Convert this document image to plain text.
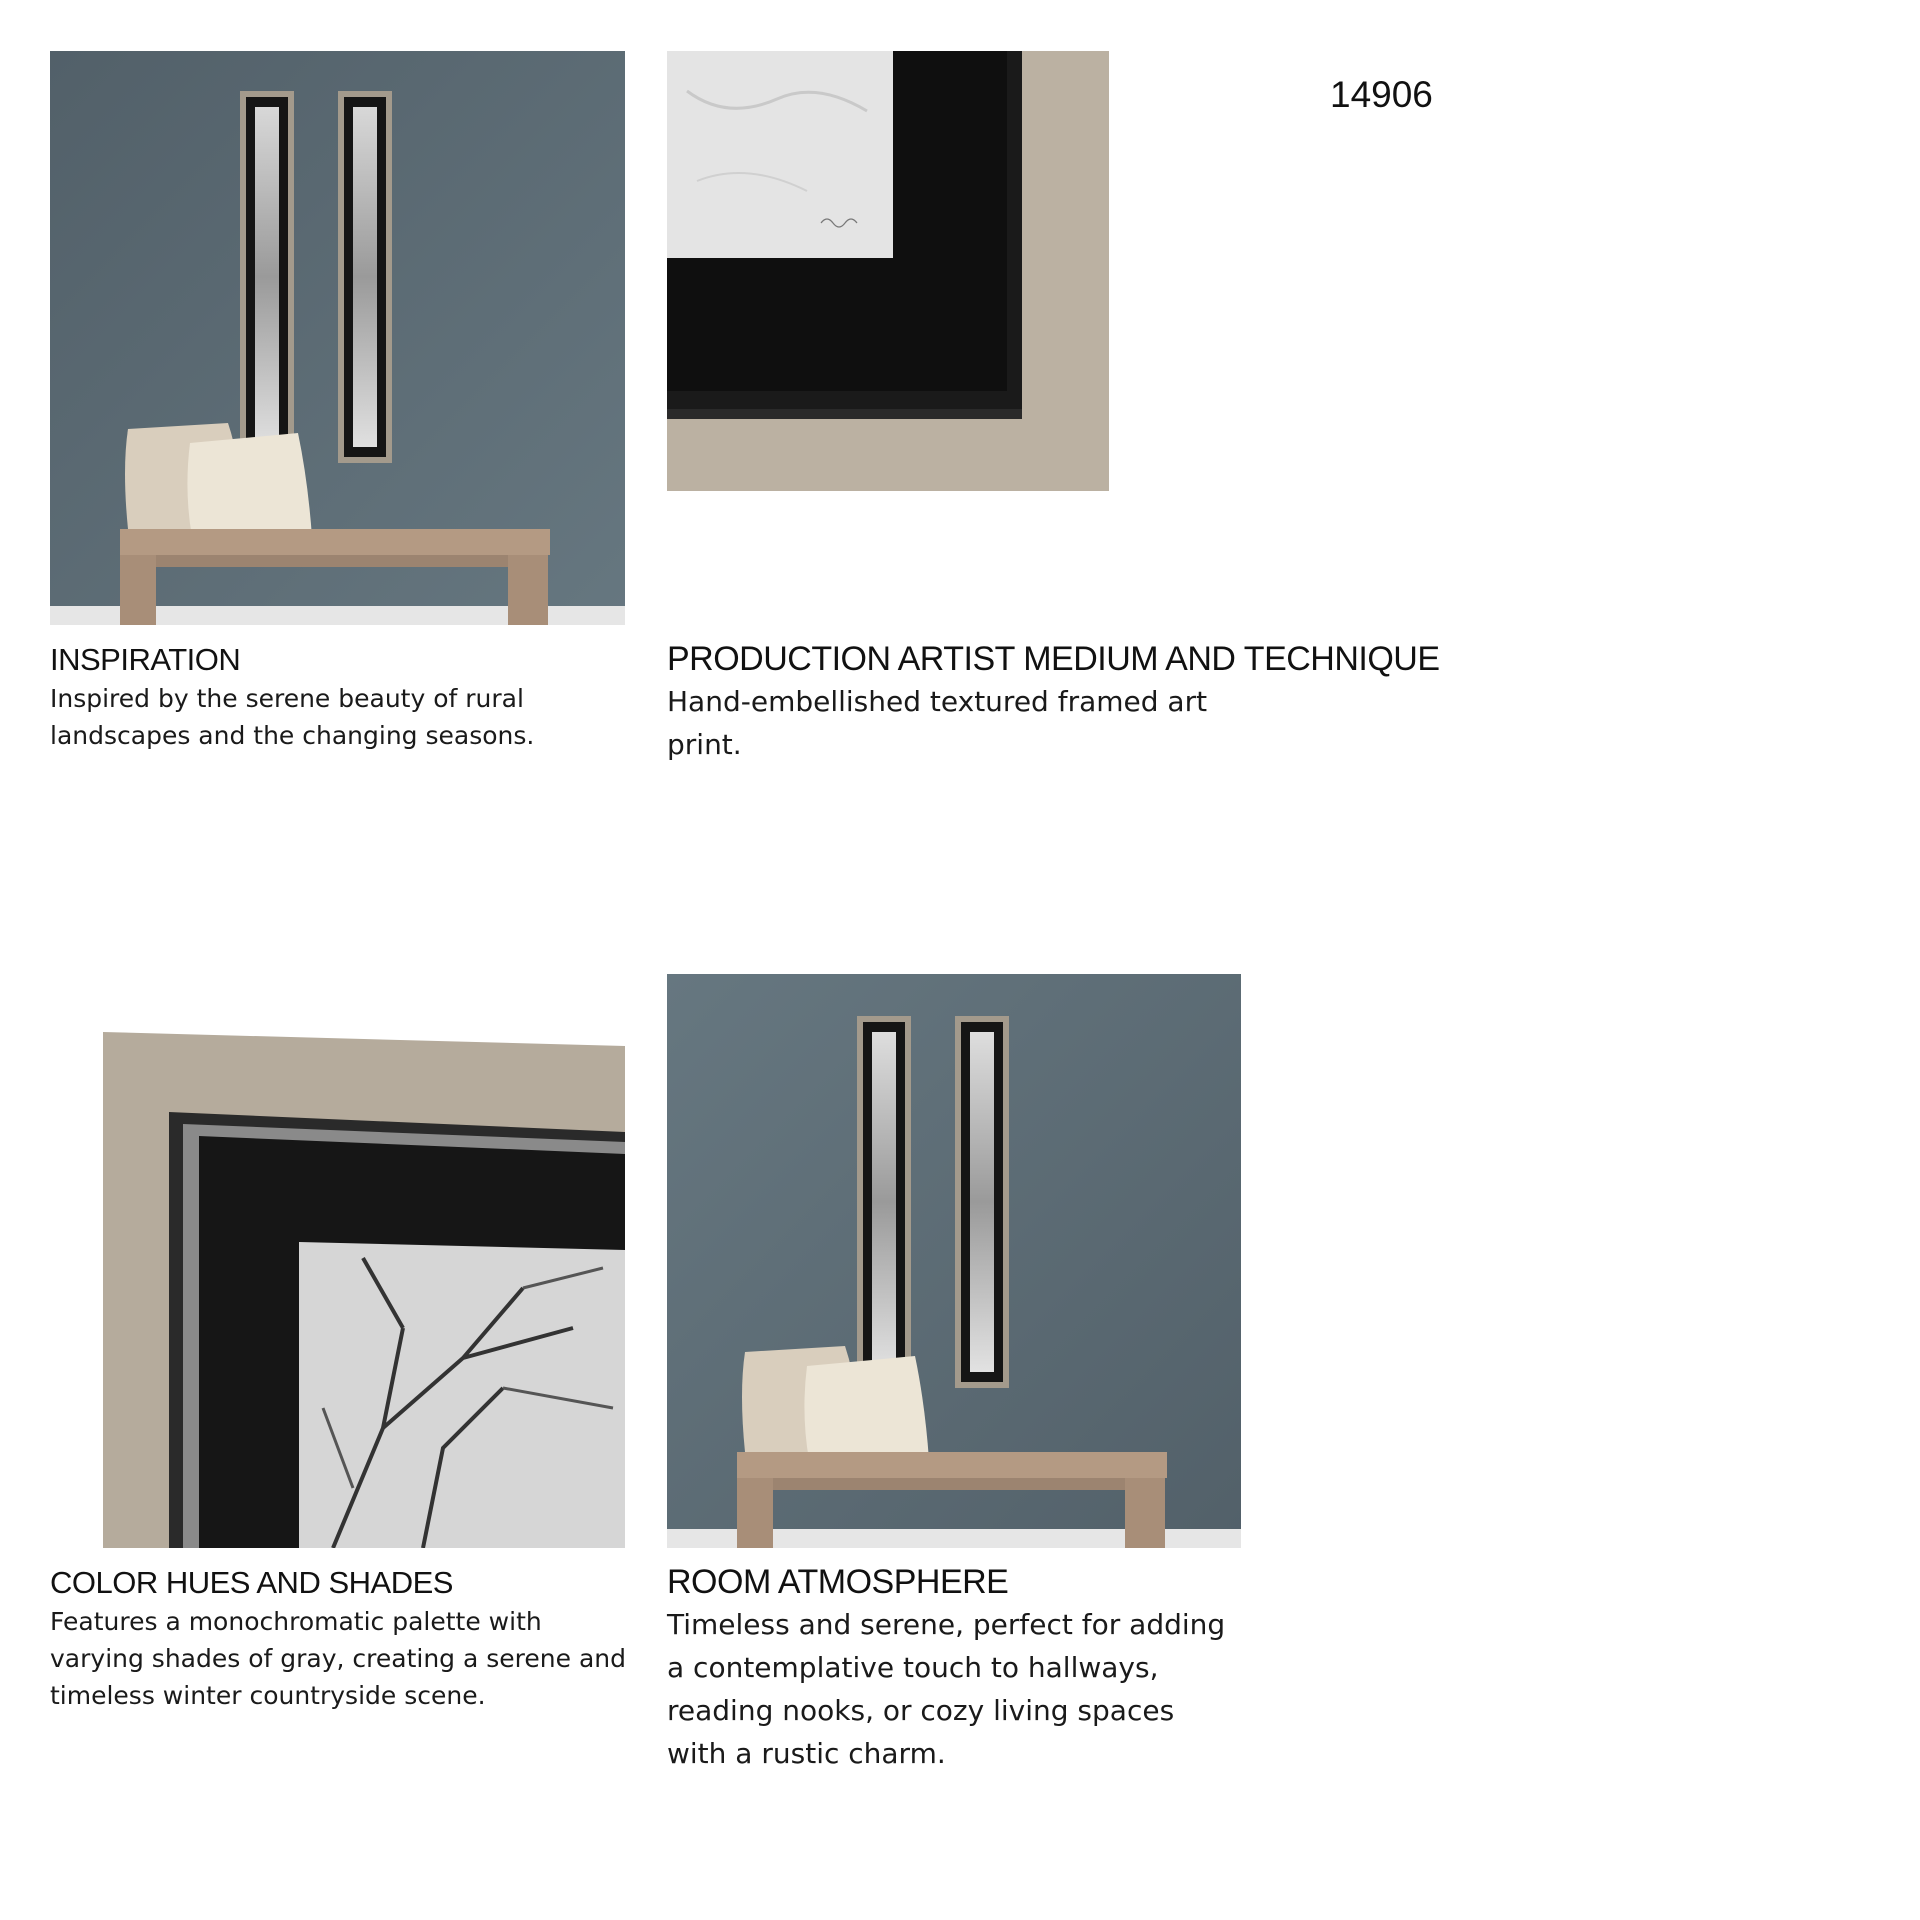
14906
INSPIRATION

Inspired by the serene beauty of rural
landscapes and the changing seasons.

PRODUCTION ARTIST MEDIUM AND TECHNIQUE

Hand-embellished textured framed art
print.

COLOR HUES AND SHADES

Features a monochromatic palette with
varying shades of gray, creating a serene and
timeless winter countryside scene.

ROOM ATMOSPHERE

Timeless and serene, perfect for adding
a contemplative touch to hallways,
reading nooks, or cozy living spaces
with a rustic charm.
